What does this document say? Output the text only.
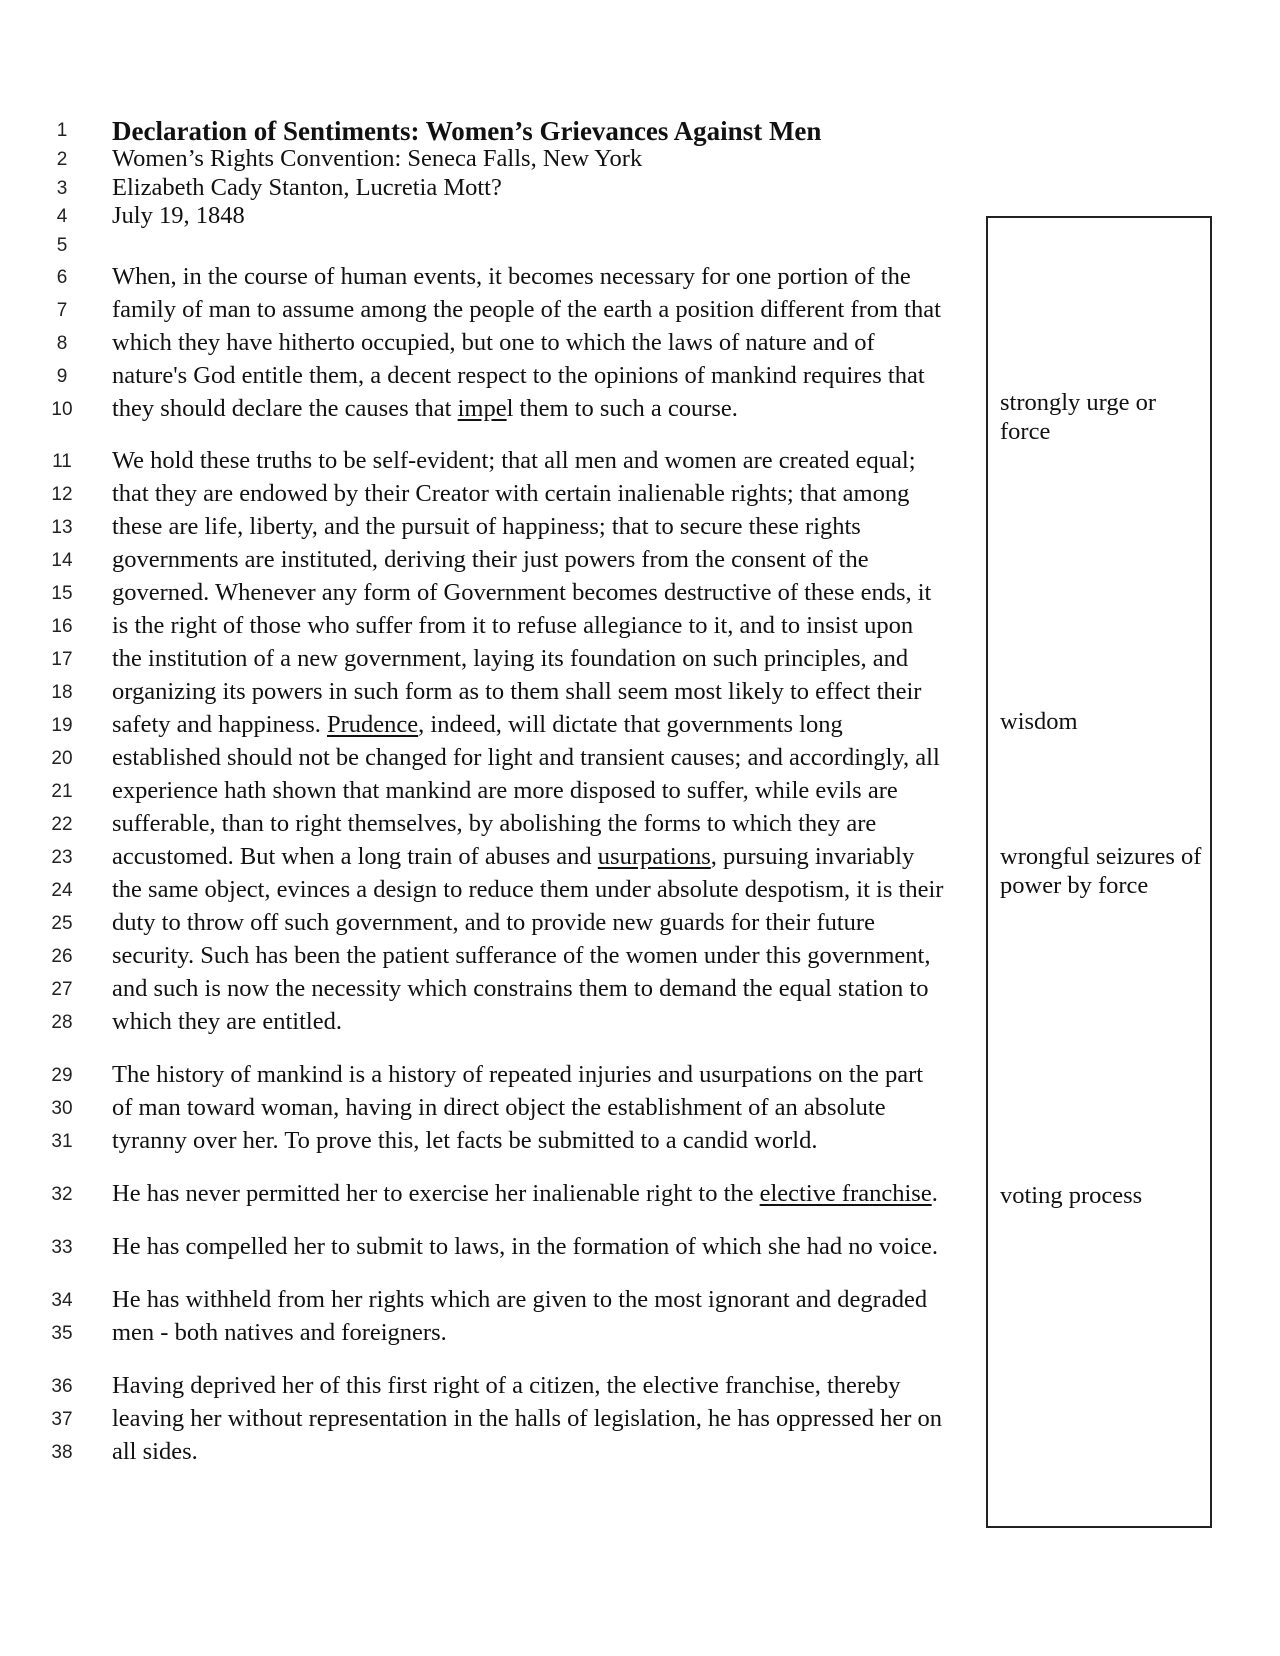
1	Declaration of Sentiments: Women’s Grievances Against Men
2	Women’s Rights Convention: Seneca Falls, New York
3	Elizabeth Cady Stanton, Lucretia Mott?
4	July 19, 1848
5
6	When, in the course of human events, it becomes necessary for one portion of the
7	family of man to assume among the people of the earth a position different from that
8	which they have hitherto occupied, but one to which the laws of nature and of
9	nature's God entitle them, a decent respect to the opinions of mankind requires that
10	they should declare the causes that impel them to such a course.
11	We hold these truths to be self-evident; that all men and women are created equal;
12	that they are endowed by their Creator with certain inalienable rights; that among
13	these are life, liberty, and the pursuit of happiness; that to secure these rights
14	governments are instituted, deriving their just powers from the consent of the
15	governed. Whenever any form of Government becomes destructive of these ends, it
16	is the right of those who suffer from it to refuse allegiance to it, and to insist upon
17	the institution of a new government, laying its foundation on such principles, and
18	organizing its powers in such form as to them shall seem most likely to effect their
19	safety and happiness. Prudence, indeed, will dictate that governments long
20	established should not be changed for light and transient causes; and accordingly, all
21	experience hath shown that mankind are more disposed to suffer, while evils are
22	sufferable, than to right themselves, by abolishing the forms to which they are
23	accustomed. But when a long train of abuses and usurpations, pursuing invariably
24	the same object, evinces a design to reduce them under absolute despotism, it is their
25	duty to throw off such government, and to provide new guards for their future
26	security. Such has been the patient sufferance of the women under this government,
27	and such is now the necessity which constrains them to demand the equal station to
28	which they are entitled.
29	The history of mankind is a history of repeated injuries and usurpations on the part
30	of man toward woman, having in direct object the establishment of an absolute
31	tyranny over her. To prove this, let facts be submitted to a candid world.
32	He has never permitted her to exercise her inalienable right to the elective franchise.
33	He has compelled her to submit to laws, in the formation of which she had no voice.
34	He has withheld from her rights which are given to the most ignorant and degraded
35	men - both natives and foreigners.
36	Having deprived her of this first right of a citizen, the elective franchise, thereby
37	leaving her without representation in the halls of legislation, he has oppressed her on
38	all sides.
strongly urge or force
wisdom
wrongful seizures of power by force
voting process
